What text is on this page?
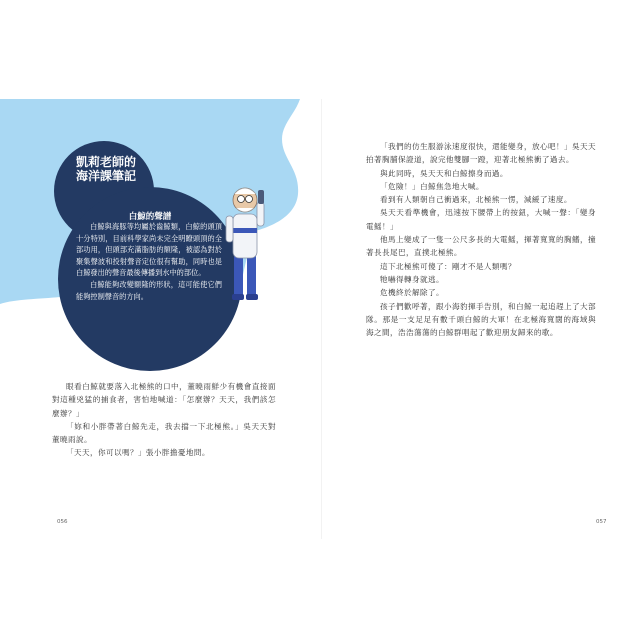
凱莉老師的
海洋課筆記
白鯨的聲譜

白鯨與海豚等均屬於齒鯨類，白鯨的頭頂十分特別，目前科學家尚未完全明瞭頭頂的全部功用，但頭部充滿脂肪的額隆，被認為對於聚集聲波和投射聲音定位很有幫助，同時也是白鯨發出的聲音最後傳播到水中的部位。

白鯨能夠改變額隆的形狀，這可能使它們能夠控制聲音的方向。

眼看白鯨就要落入北極熊的口中，董曉雨鮮少有機會直接面對這種兇猛的捕食者，害怕地喊道：「怎麼辦？天天，我們該怎麼辦？」

「妳和小胖帶著白鯨先走，我去擋一下北極熊。」吳天天對董曉雨說。

「天天，你可以嗎？」張小胖擔憂地問。

056

「我們的仿生服游泳速度很快，還能變身，放心吧！」吳天天拍著胸脯保證道，說完他雙腳一蹬，迎著北極熊衝了過去。

與此同時，吳天天和白鯨擦身而過。

「危險！」白鯨焦急地大喊。

看到有人類朝自己衝過來，北極熊一愣，減緩了速度。

吳天天看準機會，迅速按下腰帶上的按鈕，大喊一聲：「變身電鰩！」

他馬上變成了一隻一公尺多長的大電鰩，揮著寬寬的胸鰭，撞著長長尾巴，直撲北極熊。

這下北極熊可傻了：剛才不是人類嗎？

牠嚇得轉身就逃。

危機終於解除了。

孩子們歡呼著，跟小海豹揮手告別，和白鯨一起追趕上了大部隊。那是一支足足有數千頭白鯨的大軍！在北極海寬闊的海域與海之間，浩浩蕩蕩的白鯨群唱起了歡迎朋友歸來的歌。

057
